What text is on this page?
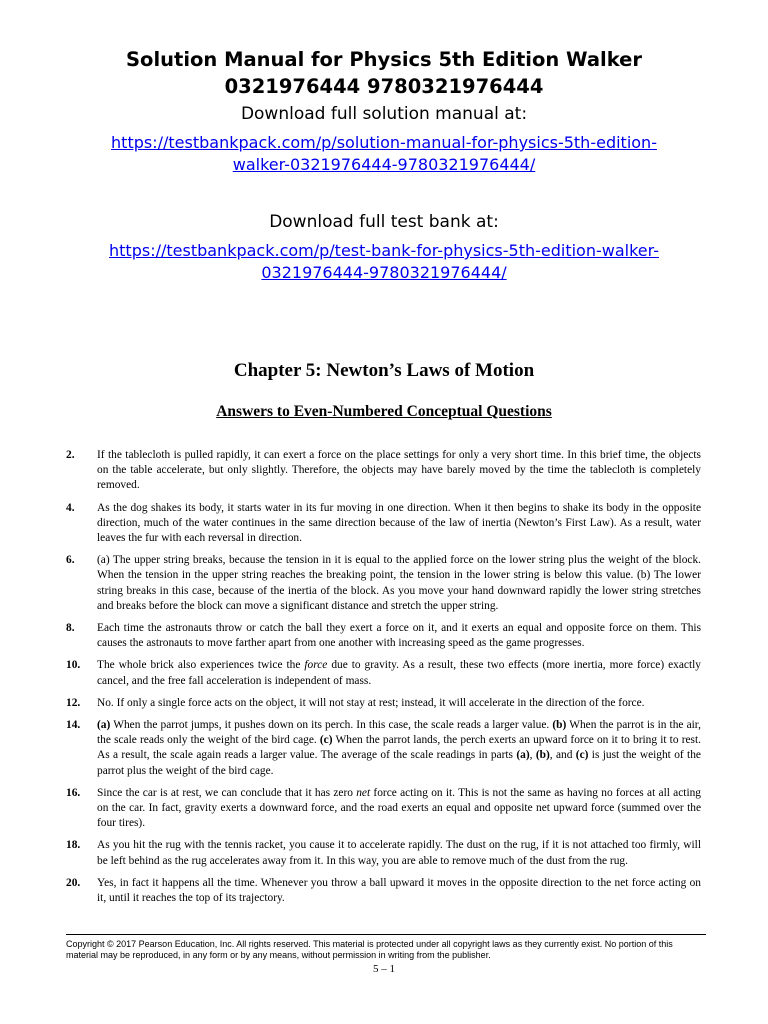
Solution Manual for Physics 5th Edition Walker
0321976444 9780321976444
Download full solution manual at:
https://testbankpack.com/p/solution-manual-for-physics-5th-edition-
walker-0321976444-9780321976444/
Download full test bank at:
https://testbankpack.com/p/test-bank-for-physics-5th-edition-walker-
0321976444-9780321976444/
Chapter 5: Newton’s Laws of Motion
Answers to Even-Numbered Conceptual Questions
2.	If the tablecloth is pulled rapidly, it can exert a force on the place settings for only a very short time. In this brief time, the objects on the table accelerate, but only slightly. Therefore, the objects may have barely moved by the time the tablecloth is completely removed.
4.	As the dog shakes its body, it starts water in its fur moving in one direction. When it then begins to shake its body in the opposite direction, much of the water continues in the same direction because of the law of inertia (Newton’s First Law). As a result, water leaves the fur with each reversal in direction.
6.	(a) The upper string breaks, because the tension in it is equal to the applied force on the lower string plus the weight of the block. When the tension in the upper string reaches the breaking point, the tension in the lower string is below this value. (b) The lower string breaks in this case, because of the inertia of the block. As you move your hand downward rapidly the lower string stretches and breaks before the block can move a significant distance and stretch the upper string.
8.	Each time the astronauts throw or catch the ball they exert a force on it, and it exerts an equal and opposite force on them. This causes the astronauts to move farther apart from one another with increasing speed as the game progresses.
10.	The whole brick also experiences twice the force due to gravity. As a result, these two effects (more inertia, more force) exactly cancel, and the free fall acceleration is independent of mass.
12.	No. If only a single force acts on the object, it will not stay at rest; instead, it will accelerate in the direction of the force.
14.	(a) When the parrot jumps, it pushes down on its perch. In this case, the scale reads a larger value. (b) When the parrot is in the air, the scale reads only the weight of the bird cage. (c) When the parrot lands, the perch exerts an upward force on it to bring it to rest. As a result, the scale again reads a larger value. The average of the scale readings in parts (a), (b), and (c) is just the weight of the parrot plus the weight of the bird cage.
16.	Since the car is at rest, we can conclude that it has zero net force acting on it. This is not the same as having no forces at all acting on the car. In fact, gravity exerts a downward force, and the road exerts an equal and opposite net upward force (summed over the four tires).
18.	As you hit the rug with the tennis racket, you cause it to accelerate rapidly. The dust on the rug, if it is not attached too firmly, will be left behind as the rug accelerates away from it. In this way, you are able to remove much of the dust from the rug.
20.	Yes, in fact it happens all the time. Whenever you throw a ball upward it moves in the opposite direction to the net force acting on it, until it reaches the top of its trajectory.
Copyright © 2017 Pearson Education, Inc. All rights reserved. This material is protected under all copyright laws as they currently exist. No portion of this material may be reproduced, in any form or by any means, without permission in writing from the publisher.
5 – 1
